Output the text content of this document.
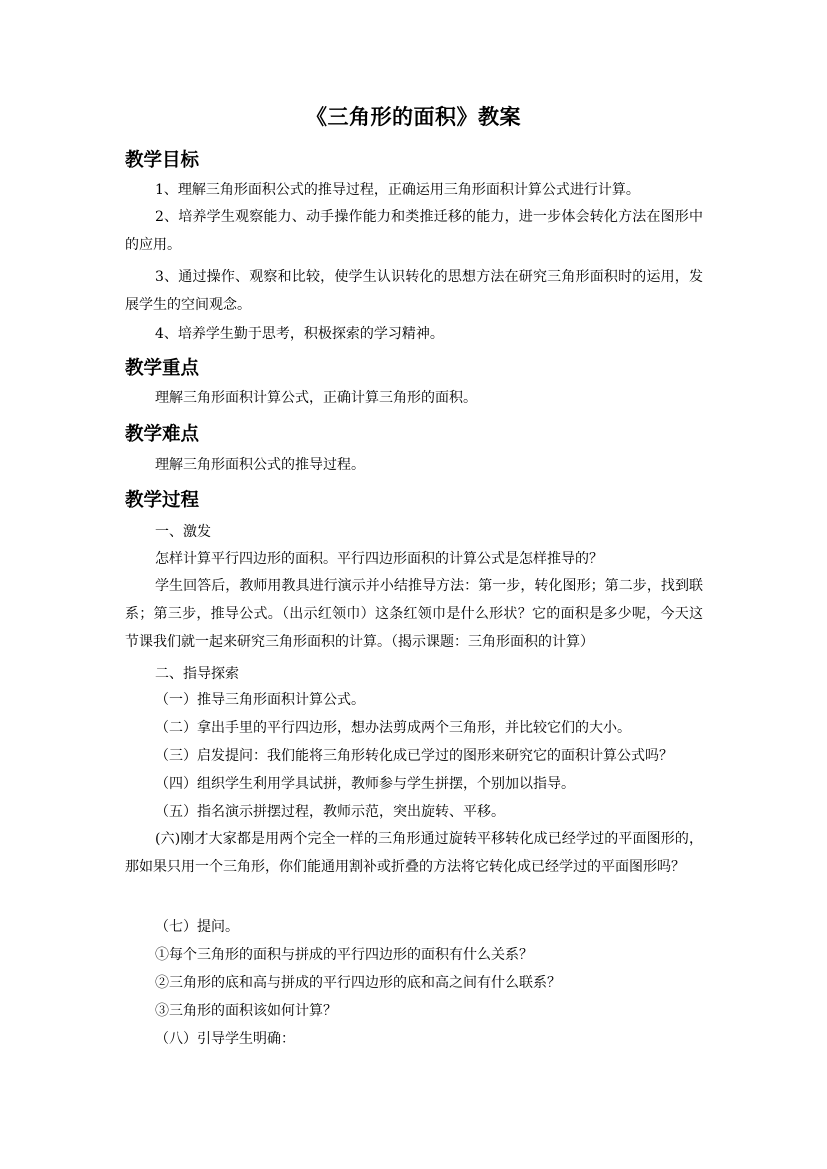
《三角形的面积》教案
教学目标
1、理解三角形面积公式的推导过程，正确运用三角形面积计算公式进行计算。
2、培养学生观察能力、动手操作能力和类推迁移的能力，进一步体会转化方法在图形中的应用。
3、通过操作、观察和比较，使学生认识转化的思想方法在研究三角形面积时的运用，发展学生的空间观念。
4、培养学生勤于思考，积极探索的学习精神。
教学重点
理解三角形面积计算公式，正确计算三角形的面积。
教学难点
理解三角形面积公式的推导过程。
教学过程
一、激发
怎样计算平行四边形的面积。平行四边形面积的计算公式是怎样推导的？
学生回答后，教师用教具进行演示并小结推导方法：第一步，转化图形；第二步，找到联系；第三步，推导公式。（出示红领巾）这条红领巾是什么形状？它的面积是多少呢，今天这节课我们就一起来研究三角形面积的计算。（揭示课题：三角形面积的计算）
二、指导探索
（一）推导三角形面积计算公式。
（二）拿出手里的平行四边形，想办法剪成两个三角形，并比较它们的大小。
（三）启发提问：我们能将三角形转化成已学过的图形来研究它的面积计算公式吗？
（四）组织学生利用学具试拼，教师参与学生拼摆，个别加以指导。
（五）指名演示拼摆过程，教师示范，突出旋转、平移。
(六)刚才大家都是用两个完全一样的三角形通过旋转平移转化成已经学过的平面图形的，那如果只用一个三角形，你们能通用割补或折叠的方法将它转化成已经学过的平面图形吗？
（七）提问。
①每个三角形的面积与拼成的平行四边形的面积有什么关系？
②三角形的底和高与拼成的平行四边形的底和高之间有什么联系？
③三角形的面积该如何计算？
（八）引导学生明确：
